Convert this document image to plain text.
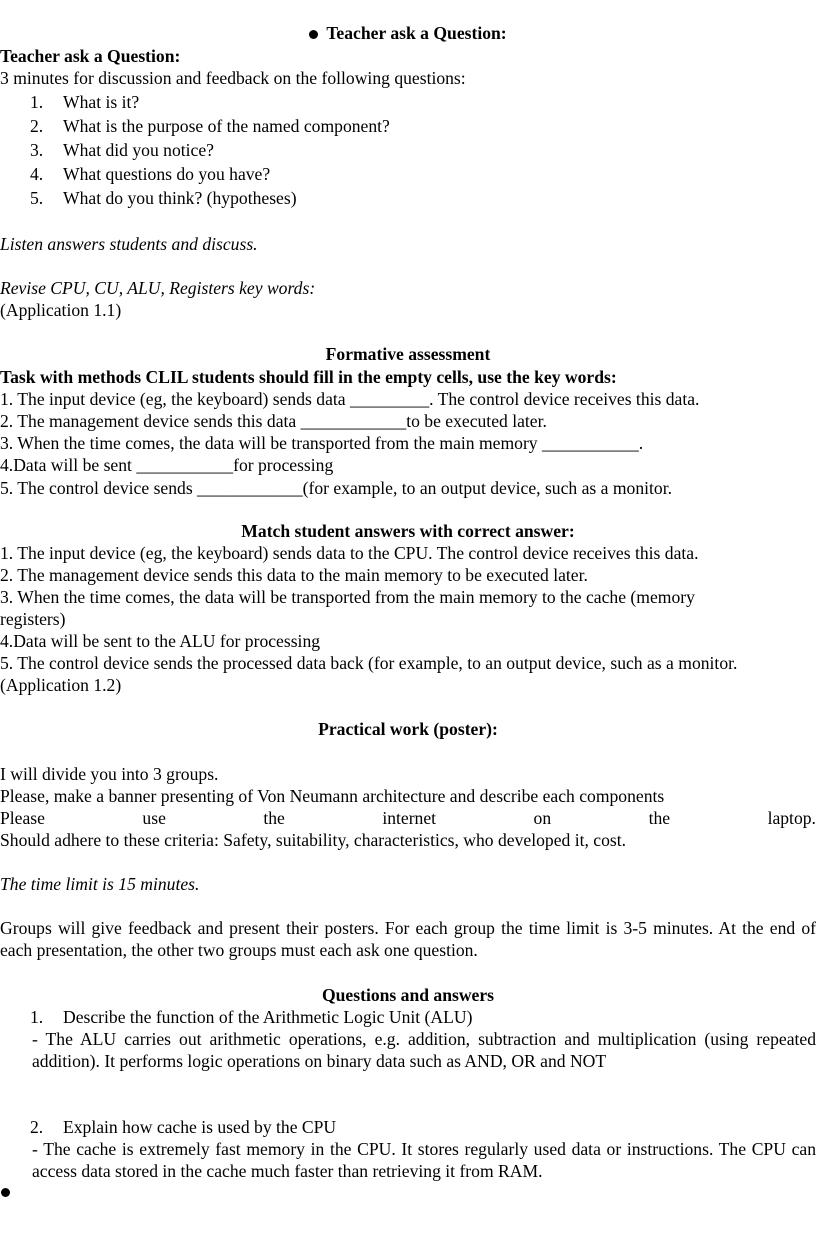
Teacher ask a Question:
Teacher ask a Question:
3 minutes for discussion and feedback on the following questions:
1. What is it?
2. What is the purpose of the named component?
3. What did you notice?
4. What questions do you have?
5. What do you think? (hypotheses)
Listen answers students and discuss.
Revise CPU, CU, ALU, Registers key words:
(Application 1.1)
Formative assessment
Task with methods CLIL students should fill in the empty cells, use the key words:
1. The input device (eg, the keyboard) sends data _________. The control device receives this data.
2. The management device sends this data ____________to be executed later.
3. When the time comes, the data will be transported from the main memory ___________.
4.Data will be sent ___________for processing
5. The control device sends ____________(for example, to an output device, such as a monitor.
Match student answers with correct answer:
1. The input device (eg, the keyboard) sends data to the CPU. The control device receives this data.
2. The management device sends this data to the main memory to be executed later.
3. When the time comes, the data will be transported from the main memory to the cache (memory
registers)
4.Data will be sent to the ALU for processing
5. The control device sends the processed data back (for example, to an output device, such as a monitor.
(Application 1.2)
Practical work (poster):
I will divide you into 3 groups.
Please, make a banner presenting of Von Neumann architecture and describe each components
Please	use	the	internet	on	the	laptop.
Should adhere to these criteria: Safety, suitability, characteristics, who developed it, cost.
The time limit is 15 minutes.
Groups will give feedback and present their posters. For each group the time limit is 3-5 minutes. At the end of each presentation, the other two groups must each ask one question.
Questions and answers
1. Describe the function of the Arithmetic Logic Unit (ALU)
- The ALU carries out arithmetic operations, e.g. addition, subtraction and multiplication (using repeated addition). It performs logic operations on binary data such as AND, OR and NOT
2. Explain how cache is used by the CPU
- The cache is extremely fast memory in the CPU. It stores regularly used data or instructions. The CPU can access data stored in the cache much faster than retrieving it from RAM.
